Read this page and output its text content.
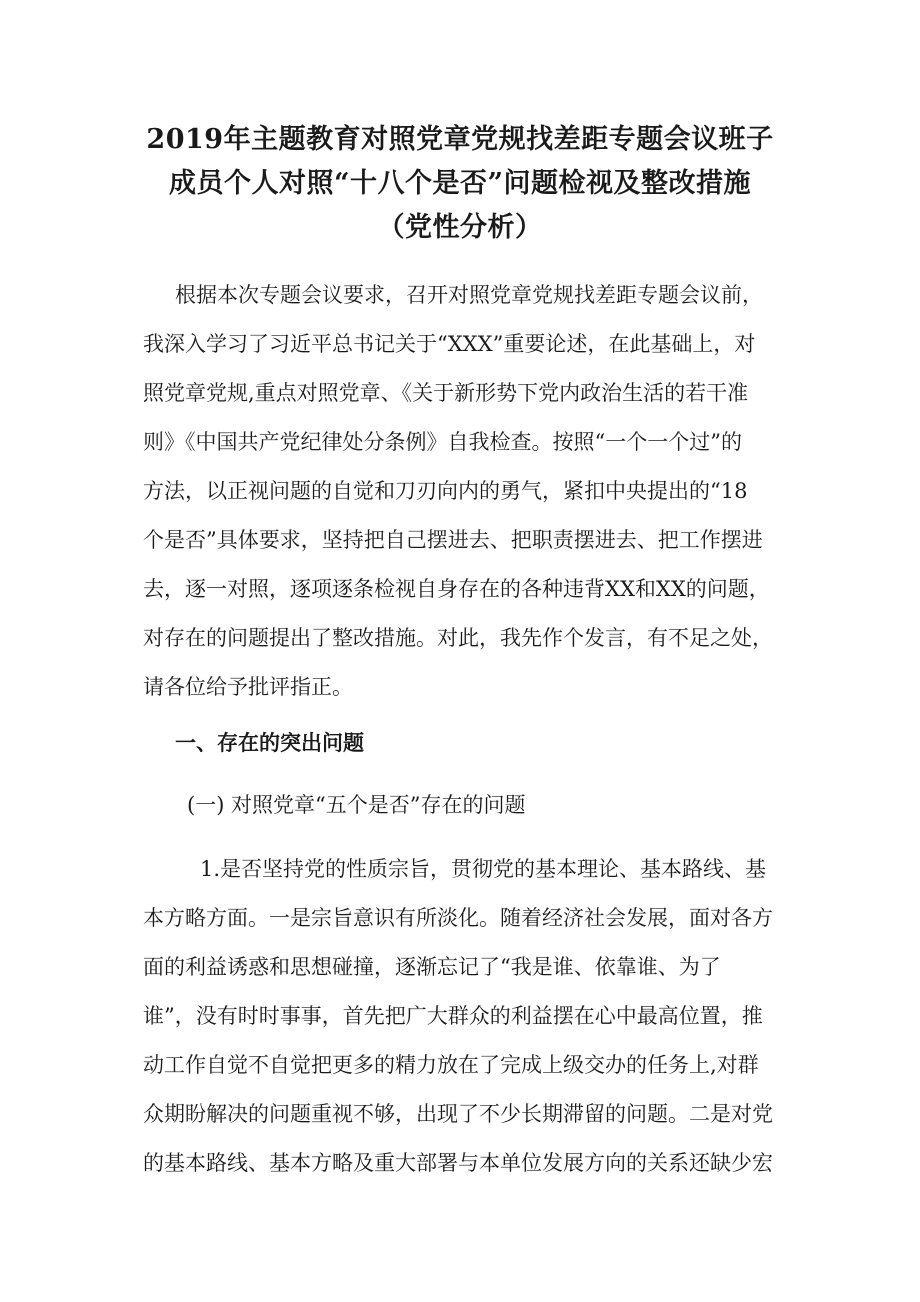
2019年主题教育对照党章党规找差距专题会议班子
成员个人对照“十八个是否”问题检视及整改措施
（党性分析）

根据本次专题会议要求，召开对照党章党规找差距专题会议前，

我深入学习了习近平总书记关于“XXX”重要论述，在此基础上，对

照党章党规,重点对照党章、《关于新形势下党内政治生活的若干准

则》《中国共产党纪律处分条例》自我检查。按照“一个一个过”的

方法，以正视问题的自觉和刀刃向内的勇气，紧扣中央提出的“18

个是否”具体要求，坚持把自己摆进去、把职责摆进去、把工作摆进

去，逐一对照，逐项逐条检视自身存在的各种违背XX和XX的问题，

对存在的问题提出了整改措施。对此，我先作个发言，有不足之处，

请各位给予批评指正。

一、存在的突出问题
(一) 对照党章“五个是否”存在的问题

1.是否坚持党的性质宗旨，贯彻党的基本理论、基本路线、基

本方略方面。一是宗旨意识有所淡化。随着经济社会发展，面对各方

面的利益诱惑和思想碰撞，逐渐忘记了“我是谁、依靠谁、为了

谁”，没有时时事事，首先把广大群众的利益摆在心中最高位置，推

动工作自觉不自觉把更多的精力放在了完成上级交办的任务上,对群

众期盼解决的问题重视不够，出现了不少长期滞留的问题。二是对党

的基本路线、基本方略及重大部署与本单位发展方向的关系还缺少宏
